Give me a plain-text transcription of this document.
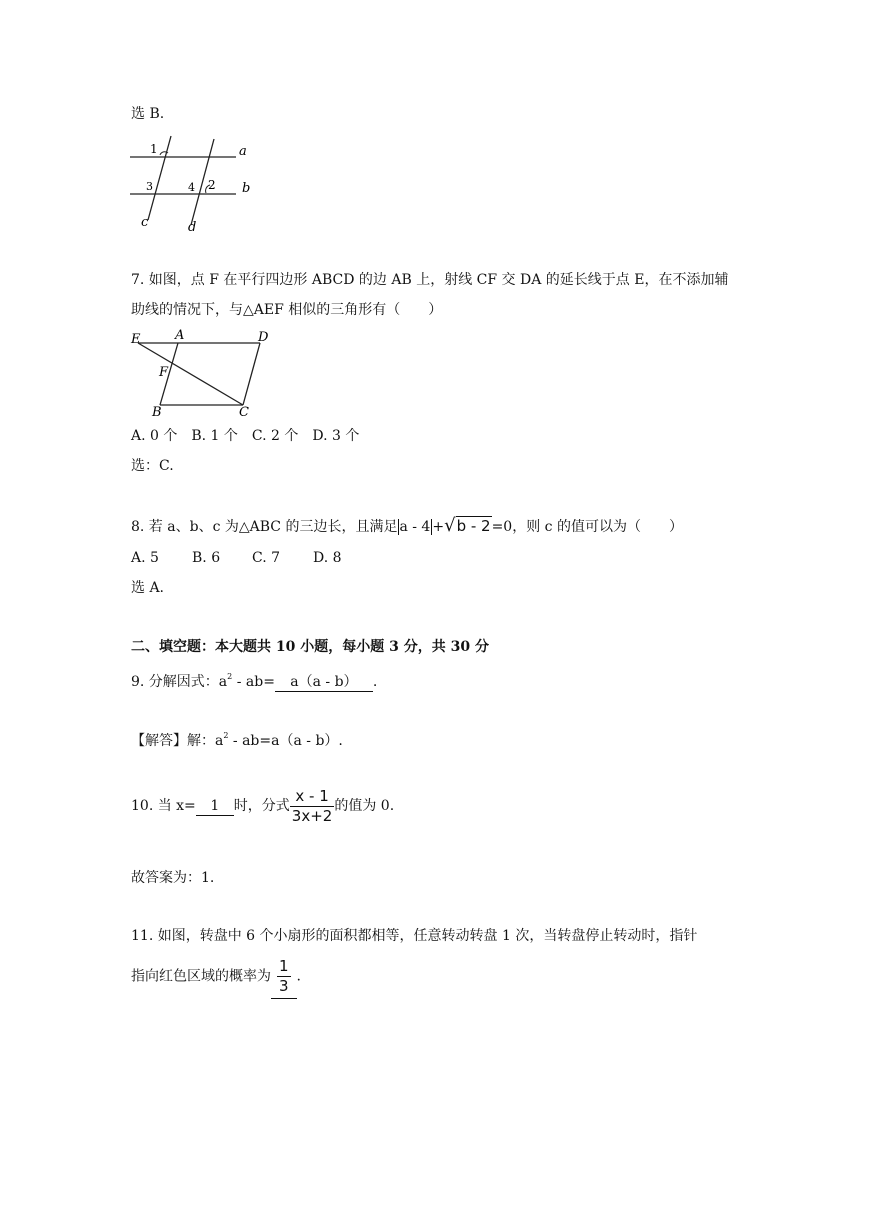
选 B.
1
3	4 2
a
b
c	d
7. 如图，点 F 在平行四边形 ABCD 的边 AB 上，射线 CF 交 DA 的延长线于点 E，在不添加辅
助线的情况下，与△AEF 相似的三角形有（　　）
E	A	D
F
B	C
A. 0 个　B. 1 个　C. 2 个　D. 3 个
选：C.
8. 若 a、b、c 为△ABC 的三边长，且满足 a - 4 +√b - 2=0，则 c 的值可以为（　　）
A. 5 B. 6 C. 7 D. 8
选 A.
二、填空题：本大题共 10 小题，每小题 3 分，共 30 分
9. 分解因式：$a^2 - ab= a(a - b)$ .
【解答】解：$a^2 - ab=a(a - b)$.
10. 当 x= 1 时，分式 $\frac{x - 1}{3x+2}$ 的值为 0.
故答案为：1.
11. 如图，转盘中 6 个小扇形的面积都相等，任意转动转盘 1 次，当转盘停止转动时，指针
指向红色区域的概率为 $\frac{1}{3}$ .
